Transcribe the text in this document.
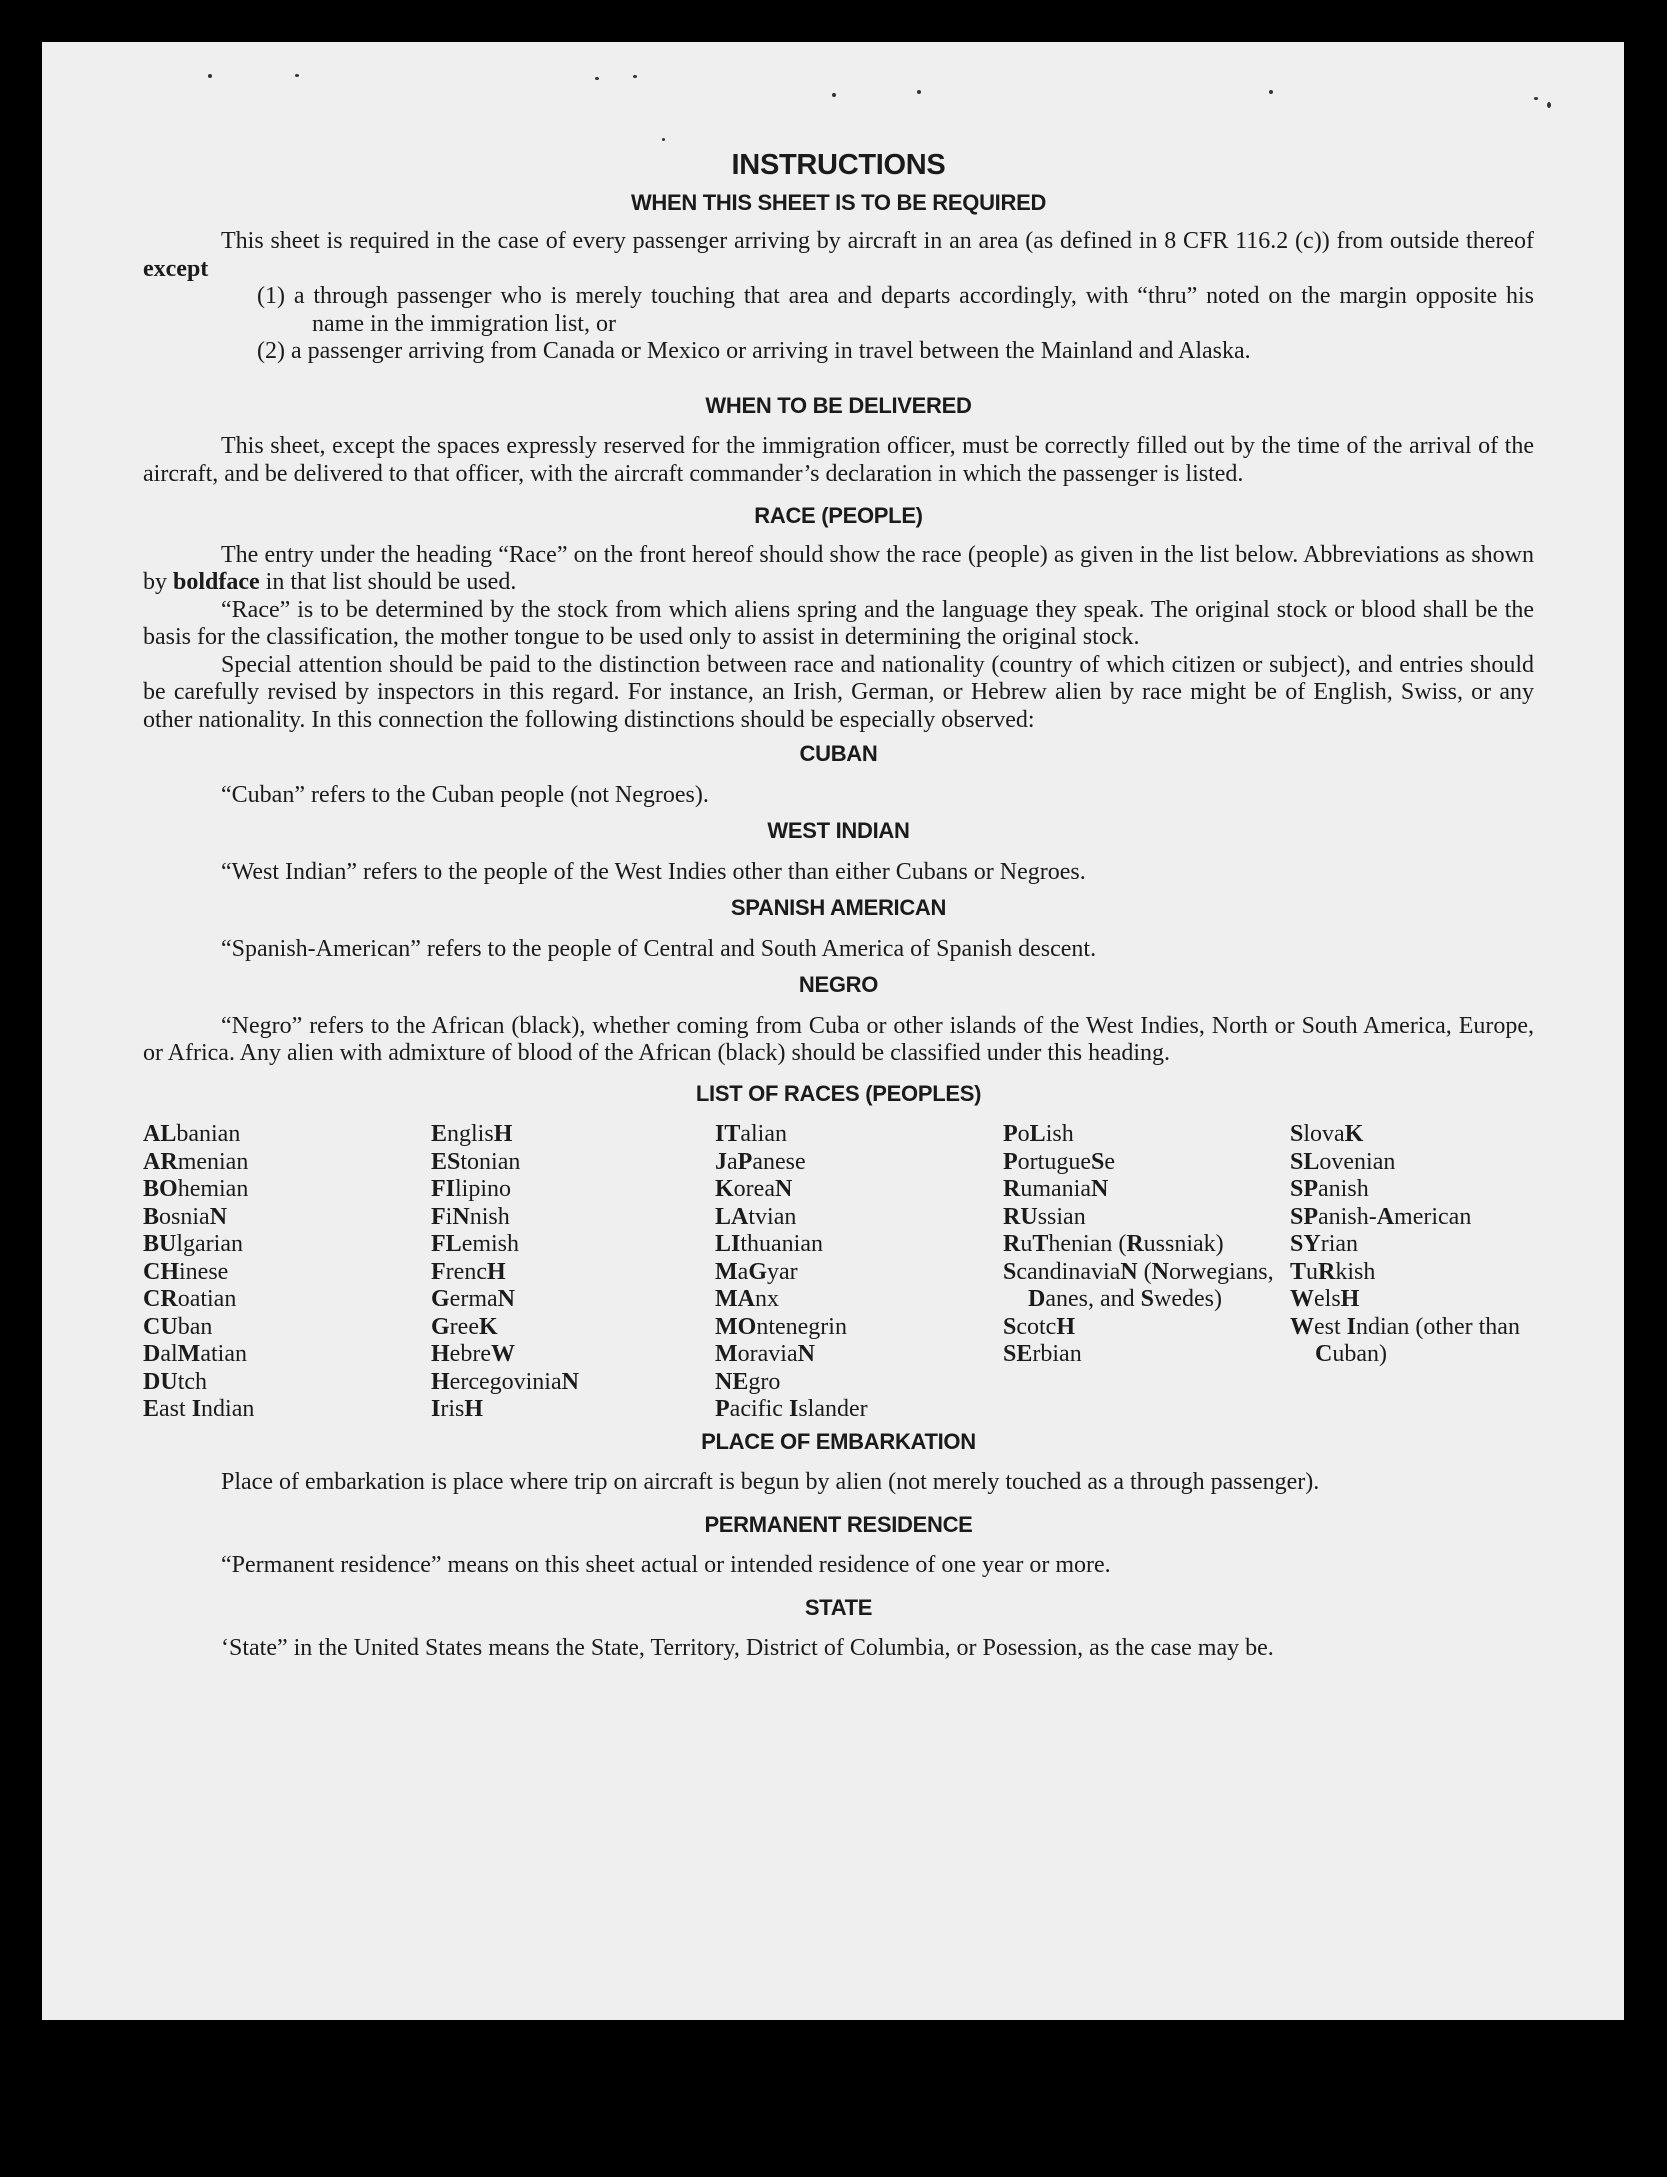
INSTRUCTIONS
WHEN THIS SHEET IS TO BE REQUIRED

This sheet is required in the case of every passenger arriving by aircraft in an area (as defined in 8 CFR 116.2 (c)) from outside thereof except

(1) a through passenger who is merely touching that area and departs accordingly, with “thru” noted on the margin opposite his name in the immigration list, or

(2) a passenger arriving from Canada or Mexico or arriving in travel between the Mainland and Alaska.

WHEN TO BE DELIVERED

This sheet, except the spaces expressly reserved for the immigration officer, must be correctly filled out by the time of the arrival of the aircraft, and be delivered to that officer, with the aircraft commander’s declaration in which the passenger is listed.

RACE (PEOPLE)

The entry under the heading “Race” on the front hereof should show the race (people) as given in the list below. Abbreviations as shown by boldface in that list should be used.

“Race” is to be determined by the stock from which aliens spring and the language they speak. The original stock or blood shall be the basis for the classification, the mother tongue to be used only to assist in determining the original stock.

Special attention should be paid to the distinction between race and nationality (country of which citizen or subject), and entries should be carefully revised by inspectors in this regard. For instance, an Irish, German, or Hebrew alien by race might be of English, Swiss, or any other nationality. In this connection the following distinctions should be especially observed:

CUBAN

“Cuban” refers to the Cuban people (not Negroes).

WEST INDIAN

“West Indian” refers to the people of the West Indies other than either Cubans or Negroes.

SPANISH AMERICAN

“Spanish-American” refers to the people of Central and South America of Spanish descent.

NEGRO

“Negro” refers to the African (black), whether coming from Cuba or other islands of the West Indies, North or South America, Europe, or Africa. Any alien with admixture of blood of the African (black) should be classified under this heading.

LIST OF RACES (PEOPLES)
ALbanian
ARmenian
BOhemian
BosniaN
BUlgarian
CHinese
CRoatian
CUban
DalMatian
DUtch
East Indian
EnglisH
EStonian
FIlipino
FiNnish
FLemish
FrencH
GermaN
GreeK
HebreW
HercegoviniaN
IrisH
ITalian
JaPanese
KoreaN
LAtvian
LIthuanian
MaGyar
MAnx
MOntenegrin
MoraviaN
NEgro
Pacific Islander
PoLish
PortugueSe
RumaniaN
RUssian
RuThenian (Russniak)
ScandinaviaN (Norwegians, Danes, and Swedes)
ScotcH
SErbian
SlovaK
SLovenian
SPanish
SPanish-American
SYrian
TuRkish
WelsH
West Indian (other than Cuban)
PLACE OF EMBARKATION

Place of embarkation is place where trip on aircraft is begun by alien (not merely touched as a through passenger).

PERMANENT RESIDENCE

“Permanent residence” means on this sheet actual or intended residence of one year or more.

STATE

‘State” in the United States means the State, Territory, District of Columbia, or Posession, as the case may be.
